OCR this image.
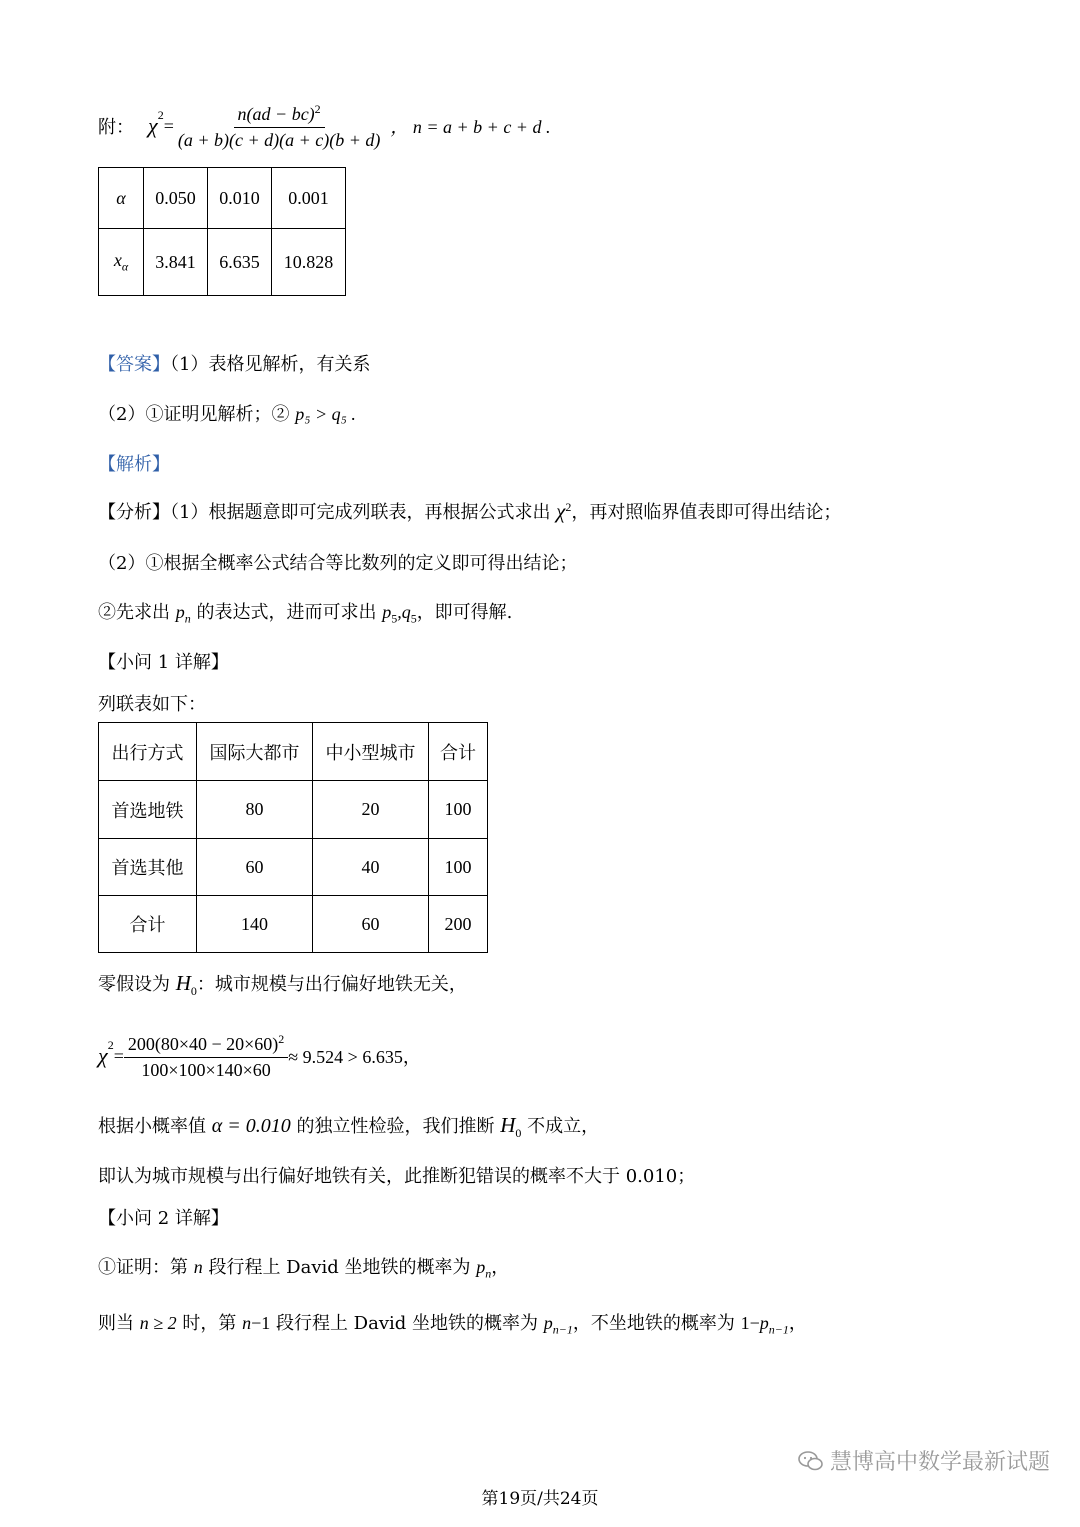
附： $\chi^2$
= $\frac{n(ad - bc)^2}{(a + b)(c + d)(a + c)(b + d)}$ ， n = a + b + c + d .
α	0.050	0.010	0.001
$x_\alpha$	3.841	6.635	10.828
【答案】（1）表格见解析，有关系
（2）①证明见解析；② p₅ > q₅ .
【解析】
【分析】（1）根据题意即可完成列联表，再根据公式求出 $\chi^2$，再对照临界值表即可得出结论；
（2）①根据全概率公式结合等比数列的定义即可得出结论；
②先求出 $p_n$ 的表达式，进而可求出 $p_5,q_5$，即可得解.
【小问 1 详解】
列联表如下：
出行方式	国际大都市	中小型城市	合计
首选地铁	80	20	100
首选其他	60	40	100
合计	140	60	200
零假设为 $H_0$：城市规模与出行偏好地铁无关，
$\chi^2$
= $\frac{200(80\times 40 - 20\times 60)^2}{100\times 100\times 140\times 60} \approx 9.524 > 6.635$，
根据小概率值 α = 0.010 的独立性检验，我们推断 $H_0$ 不成立，
即认为城市规模与出行偏好地铁有关，此推断犯错误的概率不大于 0.010；
【小问 2 详解】
①证明：第 n 段行程上 David 坐地铁的概率为 $p_n$，
则当 n ≥ 2 时，第 n−1 段行程上 David 坐地铁的概率为 $p_{n-1}$，不坐地铁的概率为 $1-p_{n-1}$，
慧博高中数学最新试题
第19页/共24页
